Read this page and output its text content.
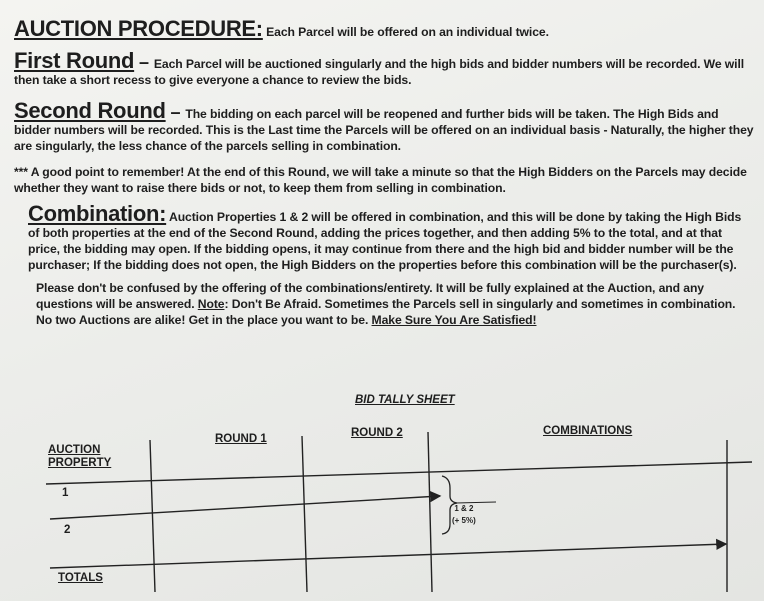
AUCTION PROCEDURE: Each Parcel will be offered on an individual twice.
First Round – Each Parcel will be auctioned singularly and the high bids and bidder numbers will be recorded. We will then take a short recess to give everyone a chance to review the bids.
Second Round – The bidding on each parcel will be reopened and further bids will be taken. The High Bids and bidder numbers will be recorded. This is the Last time the Parcels will be offered on an individual basis - Naturally, the higher they are singularly, the less chance of the parcels selling in combination.
*** A good point to remember! At the end of this Round, we will take a minute so that the High Bidders on the Parcels may decide whether they want to raise there bids or not, to keep them from selling in combination.
Combination: Auction Properties 1 & 2 will be offered in combination, and this will be done by taking the High Bids of both properties at the end of the Second Round, adding the prices together, and then adding 5% to the total, and at that price, the bidding may open. If the bidding opens, it may continue from there and the high bid and bidder number will be the purchaser; If the bidding does not open, the High Bidders on the properties before this combination will be the purchaser(s).
Please don't be confused by the offering of the combinations/entirety. It will be fully explained at the Auction, and any questions will be answered. Note: Don't Be Afraid. Sometimes the Parcels sell in singularly and sometimes in combination. No two Auctions are alike! Get in the place you want to be. Make Sure You Are Satisfied!
BID TALLY SHEET
AUCTION
PROPERTY
ROUND 1	ROUND 2	COMBINATIONS
1
2
TOTALS
1 & 2
(+ 5%)
